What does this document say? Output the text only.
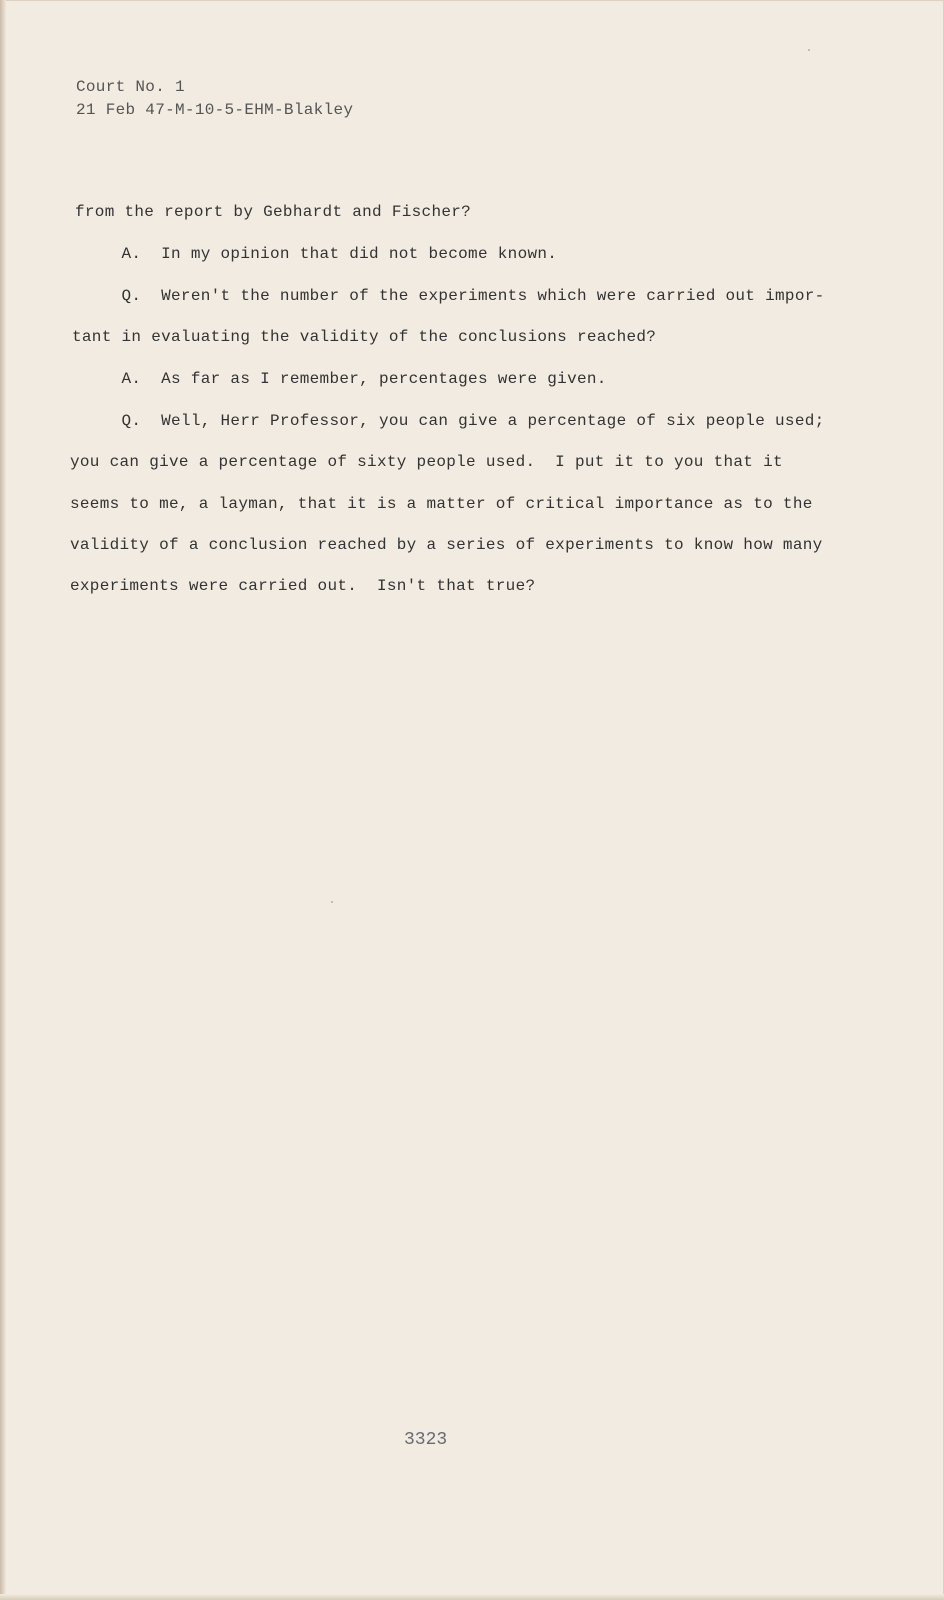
Court No. 1
21 Feb 47-M-10-5-EHM-Blakley
from the report by Gebhardt and Fischer?
A.  In my opinion that did not become known.
Q.  Weren't the number of the experiments which were carried out impor-
tant in evaluating the validity of the conclusions reached?
A.  As far as I remember, percentages were given.
Q.  Well, Herr Professor, you can give a percentage of six people used;
you can give a percentage of sixty people used.  I put it to you that it
seems to me, a layman, that it is a matter of critical importance as to the
validity of a conclusion reached by a series of experiments to know how many
experiments were carried out.  Isn't that true?
3323
